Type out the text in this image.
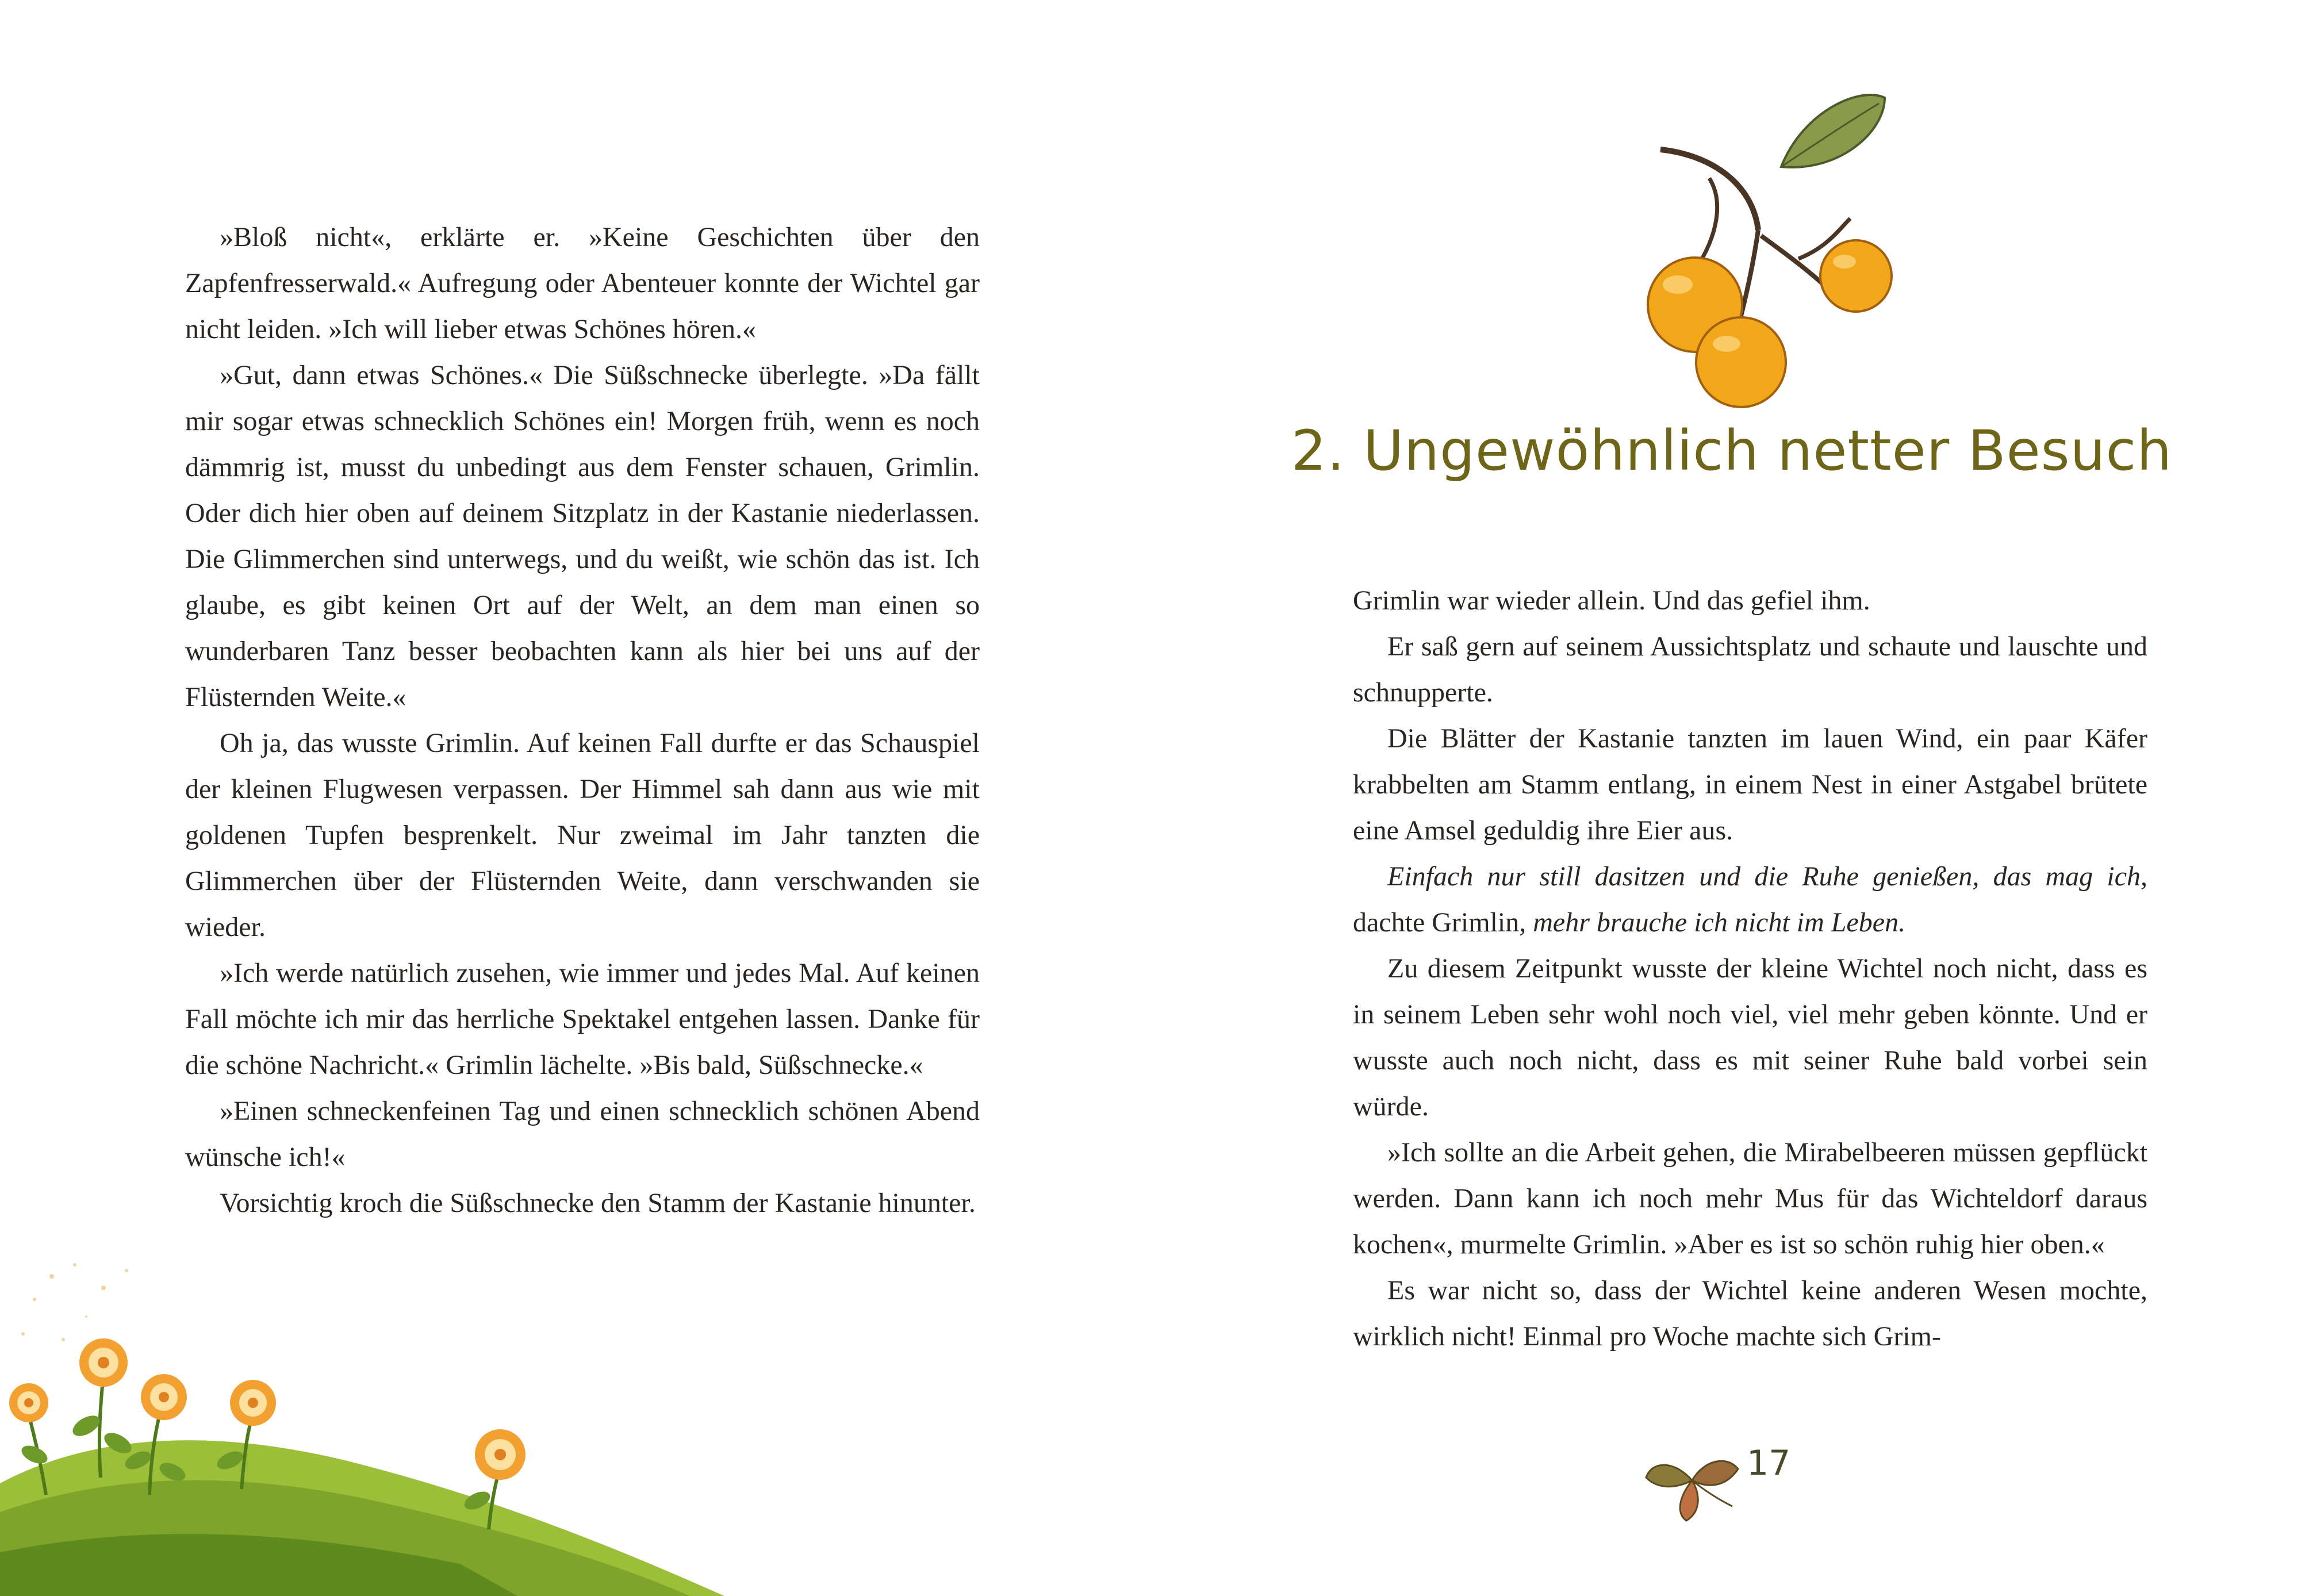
»Bloß nicht«, erklärte er. »Keine Geschichten über den Zapfenfresserwald.« Aufregung oder Abenteuer konnte der Wichtel gar nicht leiden. »Ich will lieber etwas Schönes hören.«

»Gut, dann etwas Schönes.« Die Süßschnecke überlegte. »Da fällt mir sogar etwas schnecklich Schönes ein! Morgen früh, wenn es noch dämmrig ist, musst du unbedingt aus dem Fenster schauen, Grimlin. Oder dich hier oben auf deinem Sitzplatz in der Kastanie niederlassen. Die Glimmerchen sind unterwegs, und du weißt, wie schön das ist. Ich glaube, es gibt keinen Ort auf der Welt, an dem man einen so wunderbaren Tanz besser beobachten kann als hier bei uns auf der Flüsternden Weite.«

Oh ja, das wusste Grimlin. Auf keinen Fall durfte er das Schauspiel der kleinen Flugwesen verpassen. Der Himmel sah dann aus wie mit goldenen Tupfen besprenkelt. Nur zweimal im Jahr tanzten die Glimmerchen über der Flüsternden Weite, dann verschwanden sie wieder.

»Ich werde natürlich zusehen, wie immer und jedes Mal. Auf keinen Fall möchte ich mir das herrliche Spektakel entgehen lassen. Danke für die schöne Nachricht.« Grimlin lächelte. »Bis bald, Süßschnecke.«

»Einen schneckenfeinen Tag und einen schnecklich schönen Abend wünsche ich!«

Vorsichtig kroch die Süßschnecke den Stamm der Kastanie hinunter.

2. Ungewöhnlich netter Besuch

Grimlin war wieder allein. Und das gefiel ihm.

Er saß gern auf seinem Aussichtsplatz und schaute und lauschte und schnupperte.

Die Blätter der Kastanie tanzten im lauen Wind, ein paar Käfer krabbelten am Stamm entlang, in einem Nest in einer Astgabel brütete eine Amsel geduldig ihre Eier aus.

Einfach nur still dasitzen und die Ruhe genießen, das mag ich, dachte Grimlin, mehr brauche ich nicht im Leben.

Zu diesem Zeitpunkt wusste der kleine Wichtel noch nicht, dass es in seinem Leben sehr wohl noch viel, viel mehr geben könnte. Und er wusste auch noch nicht, dass es mit seiner Ruhe bald vorbei sein würde.

»Ich sollte an die Arbeit gehen, die Mirabelbeeren müssen gepflückt werden. Dann kann ich noch mehr Mus für das Wichteldorf daraus kochen«, murmelte Grimlin. »Aber es ist so schön ruhig hier oben.«

Es war nicht so, dass der Wichtel keine anderen Wesen mochte, wirklich nicht! Einmal pro Woche machte sich Grim-

17
